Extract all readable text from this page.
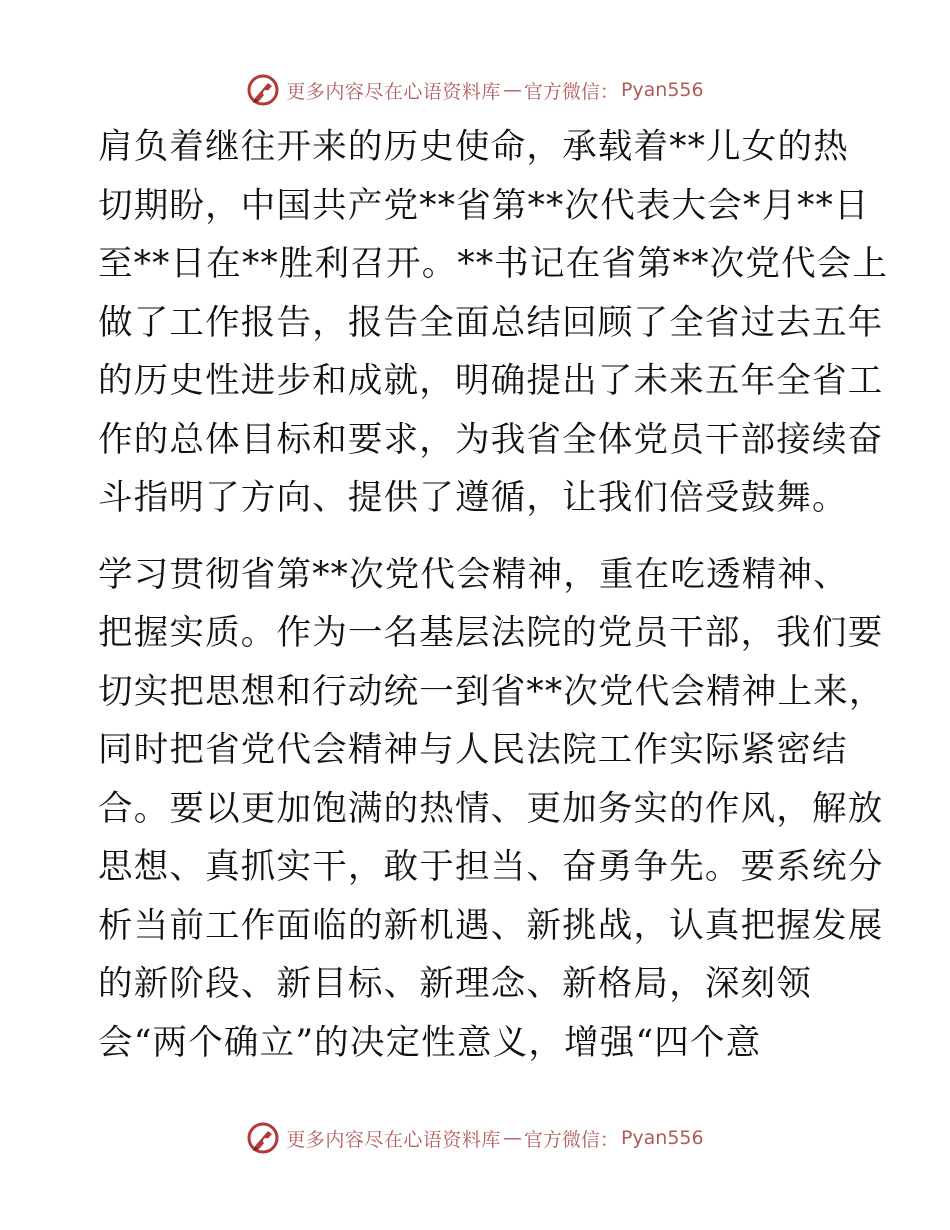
更多内容尽在心语资料库 — 官方微信： Pyan556
肩负着继往开来的历史使命，承载着**儿女的热
切期盼，中国共产党**省第**次代表大会*月**日
至**日在**胜利召开。**书记在省第**次党代会上
做了工作报告，报告全面总结回顾了全省过去五年
的历史性进步和成就，明确提出了未来五年全省工
作的总体目标和要求，为我省全体党员干部接续奋
斗指明了方向、提供了遵循，让我们倍受鼓舞。
学习贯彻省第**次党代会精神，重在吃透精神、
把握实质。作为一名基层法院的党员干部，我们要
切实把思想和行动统一到省**次党代会精神上来，
同时把省党代会精神与人民法院工作实际紧密结
合。要以更加饱满的热情、更加务实的作风，解放
思想、真抓实干，敢于担当、奋勇争先。要系统分
析当前工作面临的新机遇、新挑战，认真把握发展
的新阶段、新目标、新理念、新格局，深刻领
会“两个确立”的决定性意义，增强“四个意
更多内容尽在心语资料库 — 官方微信： Pyan556
